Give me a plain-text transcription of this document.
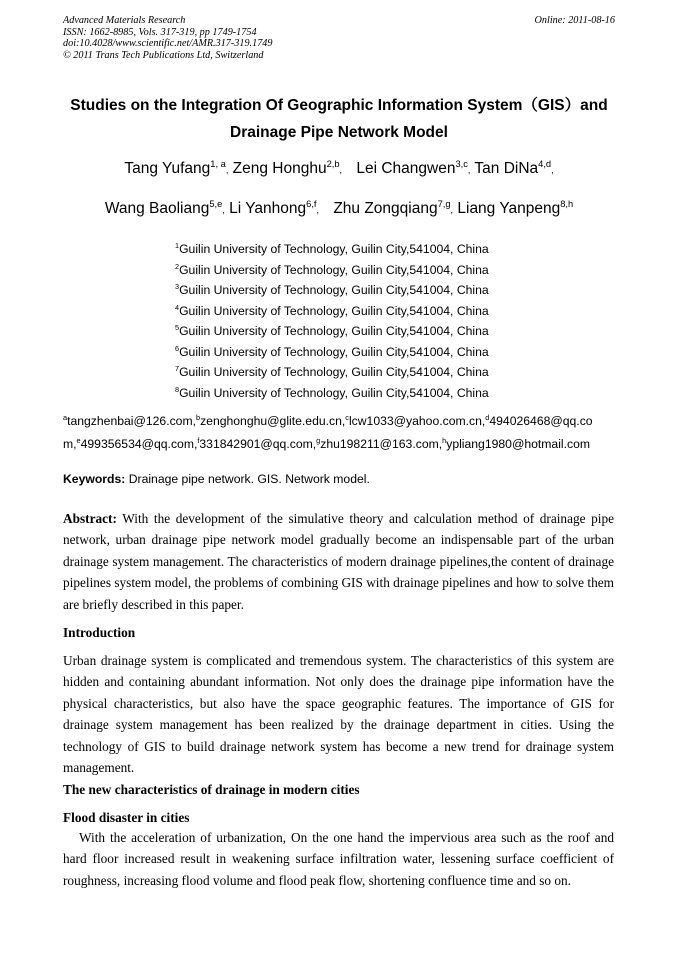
Advanced Materials Research
ISSN: 1662-8985, Vols. 317-319, pp 1749-1754
doi:10.4028/www.scientific.net/AMR.317-319.1749
© 2011 Trans Tech Publications Ltd, Switzerland
Online: 2011-08-16
Studies on the Integration Of Geographic Information System（GIS）and
Drainage Pipe Network Model
Tang Yufang$^{1, a}$, Zeng Honghu$^{2,b}$, Lei Changwen$^{3,c}$, Tan DiNa$^{4,d}$,
Wang Baoliang$^{5,e}$, Li Yanhong$^{6,f}$, Zhu Zongqiang$^{7,g}$, Liang Yanpeng$^{8,h}$
$^1$Guilin University of Technology, Guilin City,541004, China
$^2$Guilin University of Technology, Guilin City,541004, China
$^3$Guilin University of Technology, Guilin City,541004, China
$^4$Guilin University of Technology, Guilin City,541004, China
$^5$Guilin University of Technology, Guilin City,541004, China
$^6$Guilin University of Technology, Guilin City,541004, China
$^7$Guilin University of Technology, Guilin City,541004, China
$^8$Guilin University of Technology, Guilin City,541004, China
$^a$tangzhenbai@126.com,$^b$zenghonghu@glite.edu.cn,$^c$lcw1033@yahoo.com.cn,$^d$494026468@qq.co
m,$^e$499356534@qq.com,$^f$331842901@qq.com,$^g$zhu198211@163.com,$^h$ypliang1980@hotmail.com
Keywords: Drainage pipe network. GIS. Network model.
Abstract: With the development of the simulative theory and calculation method of drainage pipe network, urban drainage pipe network model gradually become an indispensable part of the urban drainage system management. The characteristics of modern drainage pipelines,the content of drainage pipelines system model, the problems of combining GIS with drainage pipelines and how to solve them are briefly described in this paper.
Introduction
Urban drainage system is complicated and tremendous system. The characteristics of this system are hidden and containing abundant information. Not only does the drainage pipe information have the physical characteristics, but also have the space geographic features. The importance of GIS for drainage system management has been realized by the drainage department in cities. Using the technology of GIS to build drainage network system has become a new trend for drainage system management.
The new characteristics of drainage in modern cities
Flood disaster in cities
With the acceleration of urbanization, On the one hand the impervious area such as the roof and hard floor increased result in weakening surface infiltration water, lessening surface coefficient of roughness, increasing flood volume and flood peak flow, shortening confluence time and so on.
